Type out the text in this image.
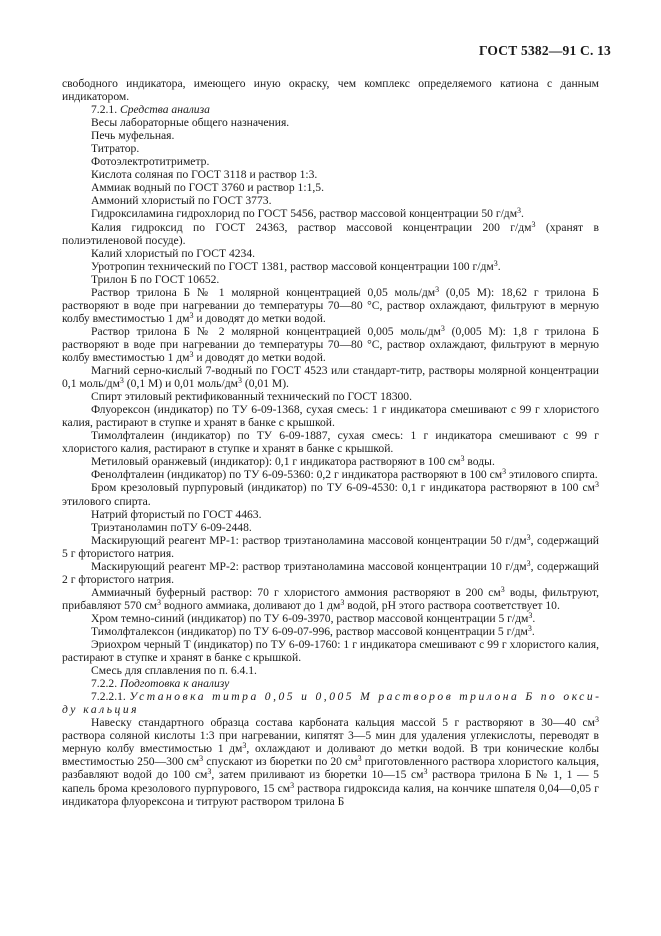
ГОСТ 5382—91 С. 13
свободного индикатора, имеющего иную окраску, чем комплекс определяемого катиона с данным индикатором.
7.2.1. Средства анализа
Весы лабораторные общего назначения.
Печь муфельная.
Титратор.
Фотоэлектротитриметр.
Кислота соляная по ГОСТ 3118 и раствор 1:3.
Аммиак водный по ГОСТ 3760 и раствор 1:1,5.
Аммоний хлористый по ГОСТ 3773.
Гидроксиламина гидрохлорид по ГОСТ 5456, раствор массовой концентрации 50 $г/дм^3$.
Калия гидроксид по ГОСТ 24363, раствор массовой концентрации 200 $г/дм^3$ (хранят в полиэтиленовой посуде).
Калий хлористый по ГОСТ 4234.
Уротропин технический по ГОСТ 1381, раствор массовой концентрации 100 $г/дм^3$.
Трилон Б по ГОСТ 10652.
Раствор трилона Б № 1 молярной концентрацией 0,05 моль/$дм^3$ (0,05 М): 18,62 г трилона Б растворяют в воде при нагревании до температуры 70—80 °С, раствор охлаждают, фильтруют в мерную колбу вместимостью 1 $дм^3$ и доводят до метки водой.
Раствор трилона Б № 2 молярной концентрацией 0,005 моль/$дм^3$ (0,005 М): 1,8 г трилона Б растворяют в воде при нагревании до температуры 70—80 °С, раствор охлаждают, фильтруют в мерную колбу вместимостью 1 $дм^3$ и доводят до метки водой.
Магний серно-кислый 7-водный по ГОСТ 4523 или стандарт-титр, растворы молярной концентрации 0,1 моль/$дм^3$ (0,1 М) и 0,01 моль/$дм^3$ (0,01 М).
Спирт этиловый ректификованный технический по ГОСТ 18300.
Флуорексон (индикатор) по ТУ 6-09-1368, сухая смесь: 1 г индикатора смешивают с 99 г хлористого калия, растирают в ступке и хранят в банке с крышкой.
Тимолфталеин (индикатор) по ТУ 6-09-1887, сухая смесь: 1 г индикатора смешивают с 99 г хлористого калия, растирают в ступке и хранят в банке с крышкой.
Метиловый оранжевый (индикатор): 0,1 г индикатора растворяют в 100 $см^3$ воды.
Фенолфталеин (индикатор) по ТУ 6-09-5360: 0,2 г индикатора растворяют в 100 $см^3$ этилового спирта.
Бром крезоловый пурпуровый (индикатор) по ТУ 6-09-4530: 0,1 г индикатора растворяют в 100 $см^3$ этилового спирта.
Натрий фтористый по ГОСТ 4463.
Триэтаноламин поТУ 6-09-2448.
Маскирующий реагент МР-1: раствор триэтаноламина массовой концентрации 50 $г/дм^3$, содержащий 5 г фтористого натрия.
Маскирующий реагент МР-2: раствор триэтаноламина массовой концентрации 10 $г/дм^3$, содержащий 2 г фтористого натрия.
Аммиачный буферный раствор: 70 г хлористого аммония растворяют в 200 $см^3$ воды, фильтруют, прибавляют 570 $см^3$ водного аммиака, доливают до 1 $дм^3$ водой, рН этого раствора соответствует 10.
Хром темно-синий (индикатор) по ТУ 6-09-3970, раствор массовой концентрации 5 $г/дм^3$.
Тимолфталексон (индикатор) по ТУ 6-09-07-996, раствор массовой концентрации 5 $г/дм^3$.
Эриохром черный Т (индикатор) по ТУ 6-09-1760: 1 г индикатора смешивают с 99 г хлористого калия, растирают в ступке и хранят в банке с крышкой.
Смесь для сплавления по п. 6.4.1.
7.2.2. Подготовка к анализу
7.2.2.1. Установка титра 0,05 и 0,005 М растворов трилона Б по оксиду кальция
Навеску стандартного образца состава карбоната кальция массой 5 г растворяют в 30—40 $см^3$ раствора соляной кислоты 1:3 при нагревании, кипятят 3—5 мин для удаления углекислоты, переводят в мерную колбу вместимостью 1 $дм^3$, охлаждают и доливают до метки водой. В три конические колбы вместимостью 250—300 $см^3$ спускают из бюретки по 20 $см^3$ приготовленного раствора хлористого кальция, разбавляют водой до 100 $см^3$, затем приливают из бюретки 10—15 $см^3$ раствора трилона Б № 1, 1 — 5 капель брома крезолового пурпурового, 15 $см^3$ раствора гидроксида калия, на кончике шпателя 0,04—0,05 г индикатора флуорексона и титруют раствором трилона Б
